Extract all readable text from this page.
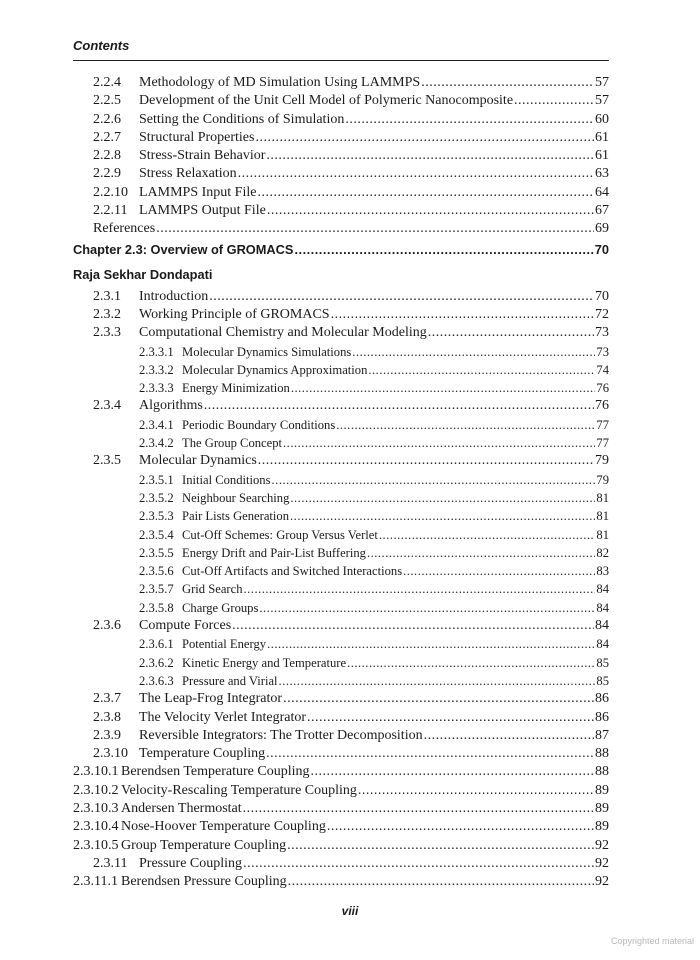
Contents
2.2.4	Methodology of MD Simulation Using LAMMPS .....	57
2.2.5	Development of the Unit Cell Model of Polymeric Nanocomposite .....	57
2.2.6	Setting the Conditions of Simulation .....	60
2.2.7	Structural Properties .....	61
2.2.8	Stress-Strain Behavior .....	61
2.2.9	Stress Relaxation .....	63
2.2.10 LAMMPS Input File .....	64
2.2.11 LAMMPS Output File .....	67
References .....	69
Chapter 2.3: Overview of GROMACS .....	70
Raja Sekhar Dondapati
2.3.1	Introduction .....	70
2.3.2	Working Principle of GROMACS .....	72
2.3.3	Computational Chemistry and Molecular Modeling .....	73
2.3.3.1 Molecular Dynamics Simulations .....	73
2.3.3.2 Molecular Dynamics Approximation .....	74
2.3.3.3 Energy Minimization .....	76
2.3.4	Algorithms .....	76
2.3.4.1 Periodic Boundary Conditions .....	77
2.3.4.2 The Group Concept .....	77
2.3.5	Molecular Dynamics .....	79
2.3.5.1 Initial Conditions .....	79
2.3.5.2 Neighbour Searching .....	81
2.3.5.3 Pair Lists Generation .....	81
2.3.5.4 Cut-Off Schemes: Group Versus Verlet .....	81
2.3.5.5 Energy Drift and Pair-List Buffering .....	82
2.3.5.6 Cut-Off Artifacts and Switched Interactions .....	83
2.3.5.7 Grid Search .....	84
2.3.5.8 Charge Groups .....	84
2.3.6	Compute Forces .....	84
2.3.6.1 Potential Energy .....	84
2.3.6.2 Kinetic Energy and Temperature .....	85
2.3.6.3 Pressure and Virial .....	85
2.3.7	The Leap-Frog Integrator .....	86
2.3.8	The Velocity Verlet Integrator .....	86
2.3.9	Reversible Integrators: The Trotter Decomposition .....	87
2.3.10 Temperature Coupling .....	88
2.3.10.1 Berendsen Temperature Coupling .....	88
2.3.10.2 Velocity-Rescaling Temperature Coupling .....	89
2.3.10.3 Andersen Thermostat .....	89
2.3.10.4 Nose-Hoover Temperature Coupling .....	89
2.3.10.5 Group Temperature Coupling .....	92
2.3.11 Pressure Coupling .....	92
2.3.11.1 Berendsen Pressure Coupling .....	92
viii
Copyrighted material
